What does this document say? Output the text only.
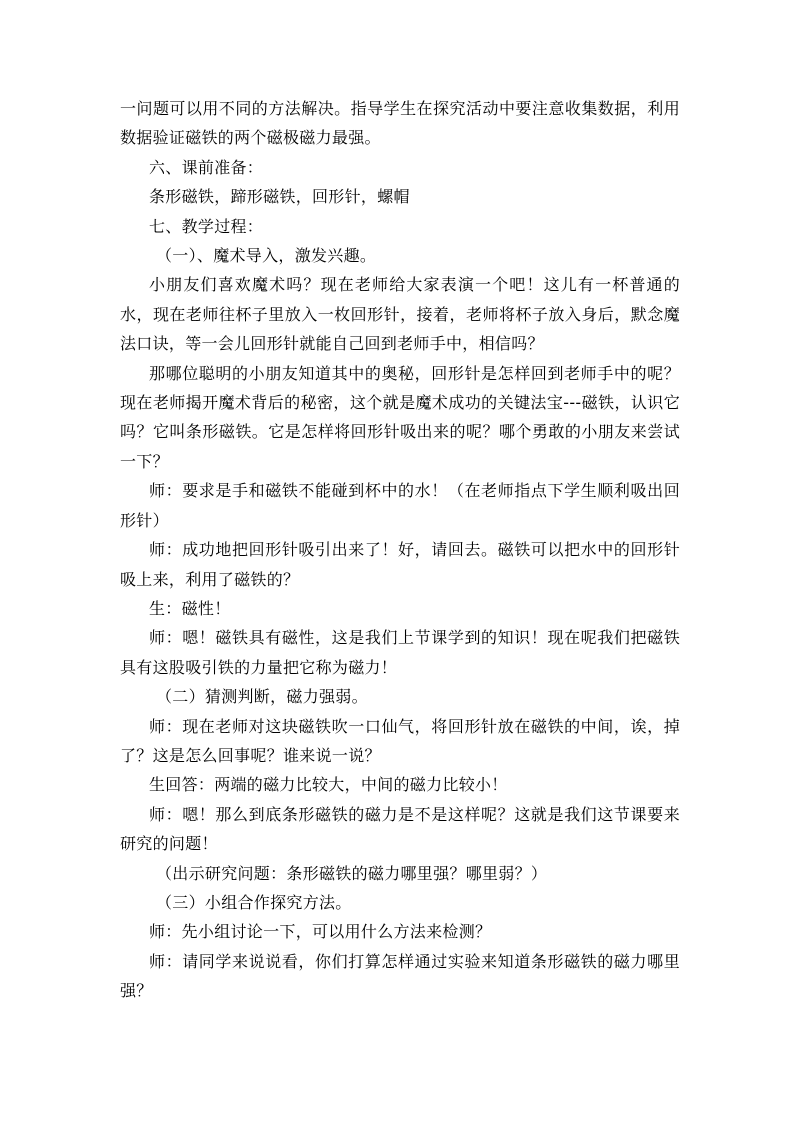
一问题可以用不同的方法解决。指导学生在探究活动中要注意收集数据，利用数据验证磁铁的两个磁极磁力最强。

六、课前准备：

条形磁铁，蹄形磁铁，回形针，螺帽

七、教学过程：

（一）、魔术导入，激发兴趣。

小朋友们喜欢魔术吗？现在老师给大家表演一个吧！这儿有一杯普通的水，现在老师往杯子里放入一枚回形针，接着，老师将杯子放入身后，默念魔法口诀，等一会儿回形针就能自己回到老师手中，相信吗？

那哪位聪明的小朋友知道其中的奥秘，回形针是怎样回到老师手中的呢？现在老师揭开魔术背后的秘密，这个就是魔术成功的关键法宝---磁铁，认识它吗？它叫条形磁铁。它是怎样将回形针吸出来的呢？哪个勇敢的小朋友来尝试一下？

师：要求是手和磁铁不能碰到杯中的水！（在老师指点下学生顺利吸出回形针）

师：成功地把回形针吸引出来了！好，请回去。磁铁可以把水中的回形针吸上来，利用了磁铁的？

生：磁性！

师：嗯！磁铁具有磁性，这是我们上节课学到的知识！现在呢我们把磁铁具有这股吸引铁的力量把它称为磁力！

（二）猜测判断，磁力强弱。

师：现在老师对这块磁铁吹一口仙气，将回形针放在磁铁的中间，诶，掉了？这是怎么回事呢？谁来说一说？

生回答：两端的磁力比较大，中间的磁力比较小！

师：嗯！那么到底条形磁铁的磁力是不是这样呢？这就是我们这节课要来研究的问题！

（出示研究问题：条形磁铁的磁力哪里强？哪里弱？）

（三）小组合作探究方法。

师：先小组讨论一下，可以用什么方法来检测？

师：请同学来说说看，你们打算怎样通过实验来知道条形磁铁的磁力哪里强？
